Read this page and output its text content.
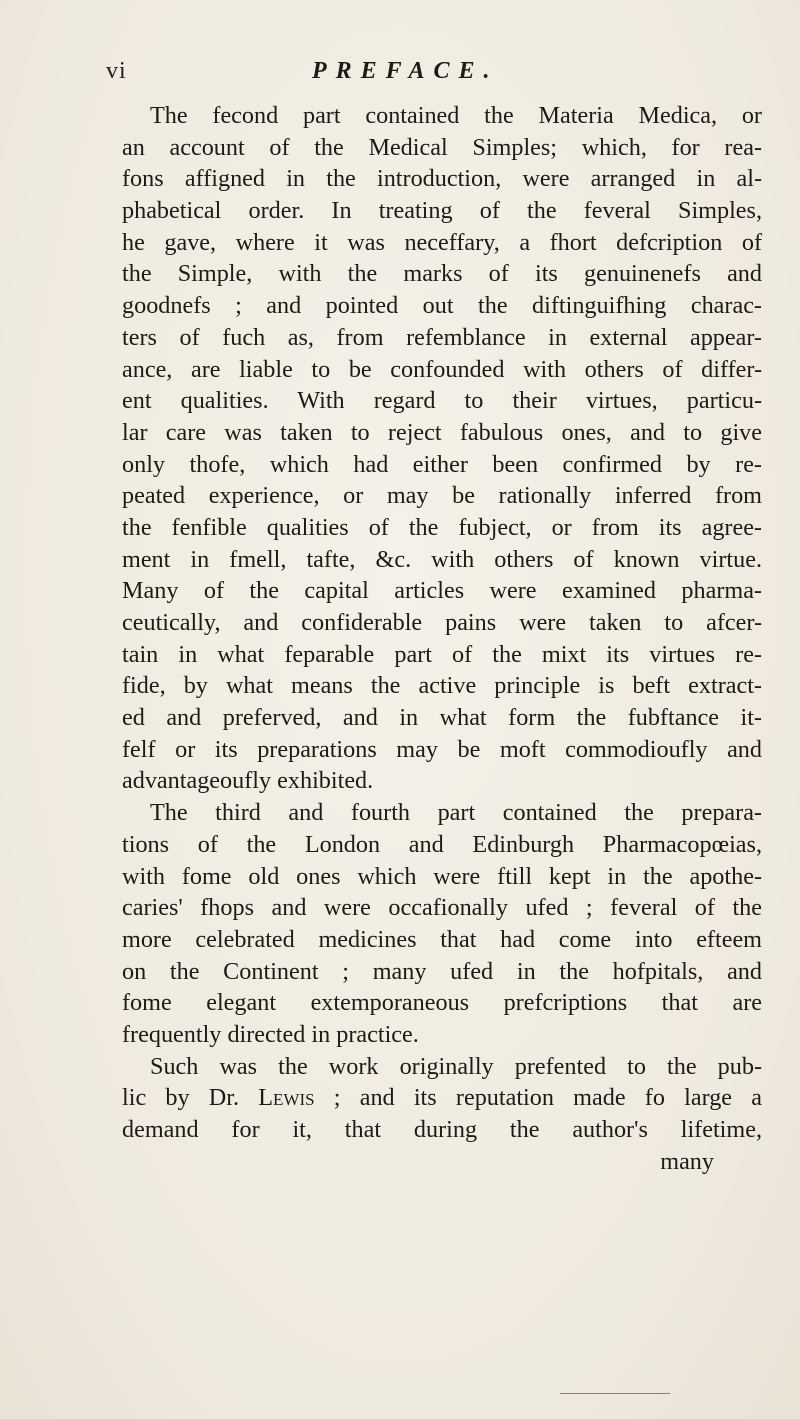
vi	PREFACE.
The fecond part contained the Materia Medica, or
an account of the Medical Simples; which, for rea-
fons affigned in the introduction, were arranged in al-
phabetical order. In treating of the feveral Simples,
he gave, where it was neceffary, a fhort defcription of
the Simple, with the marks of its genuinenefs and
goodnefs ; and pointed out the diftinguifhing charac-
ters of fuch as, from refemblance in external appear-
ance, are liable to be confounded with others of differ-
ent qualities. With regard to their virtues, particu-
lar care was taken to reject fabulous ones, and to give
only thofe, which had either been confirmed by re-
peated experience, or may be rationally inferred from
the fenfible qualities of the fubject, or from its agree-
ment in fmell, tafte, &c. with others of known virtue.
Many of the capital articles were examined pharma-
ceutically, and confiderable pains were taken to afcer-
tain in what feparable part of the mixt its virtues re-
fide, by what means the active principle is beft extract-
ed and preferved, and in what form the fubftance it-
felf or its preparations may be moft commodioufly and
advantageoufly exhibited.
The third and fourth part contained the prepara-
tions of the London and Edinburgh Pharmacopœias,
with fome old ones which were ftill kept in the apothe-
caries' fhops and were occafionally ufed ; feveral of the
more celebrated medicines that had come into efteem
on the Continent ; many ufed in the hofpitals, and
fome elegant extemporaneous prefcriptions that are
frequently directed in practice.
Such was the work originally prefented to the pub-
lic by Dr. Lewis ; and its reputation made fo large a
demand for it, that during the author's lifetime,
many
